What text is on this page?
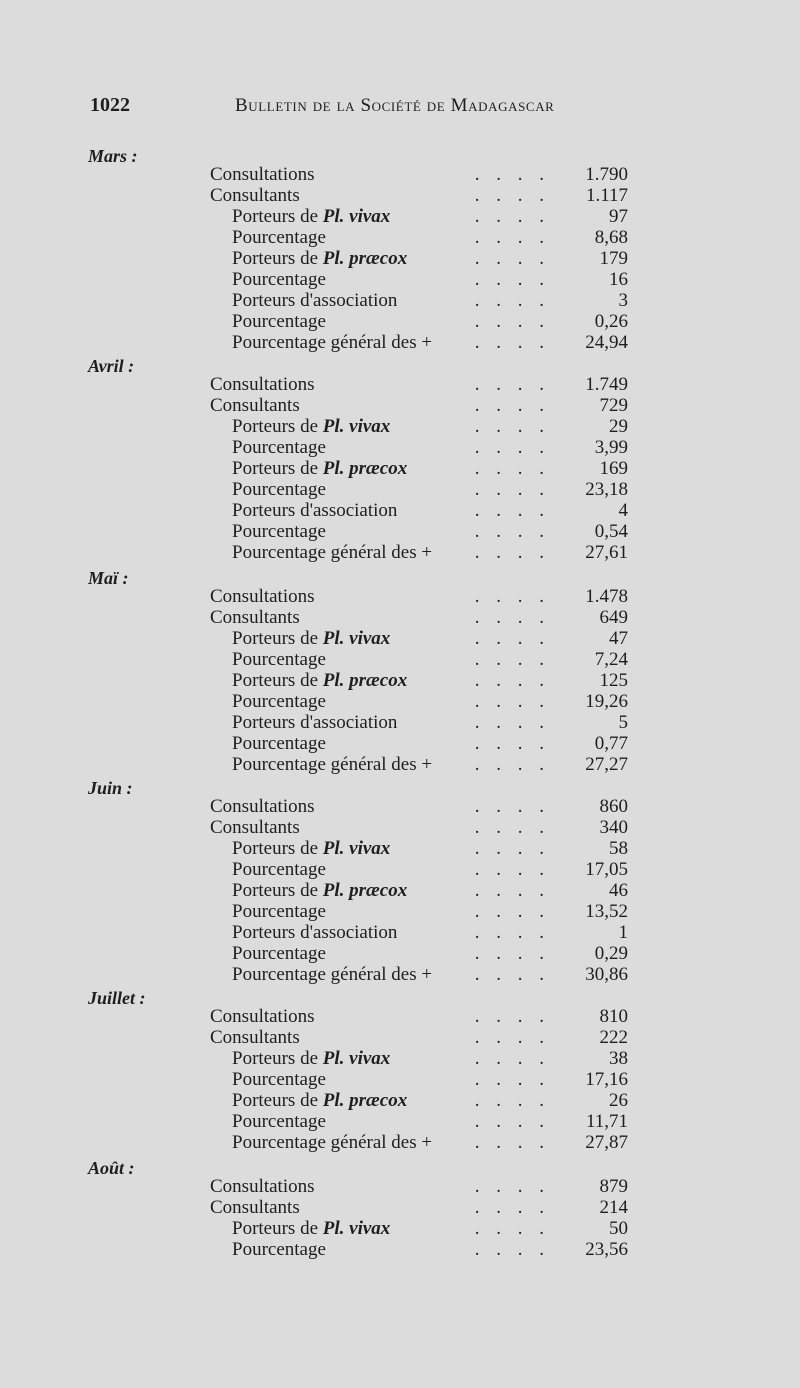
1022	Bulletin de la Société de Madagascar
Mars :
. . . .
Consultations	1.790
. . . .
Consultants	1.117
. . . .
Porteurs de Pl. vivax	97
. . . .
Pourcentage	8,68
. . . .
Porteurs de Pl. præcox	179
. . . .
Pourcentage	16
. . . .
Porteurs d'association	3
. . . .
Pourcentage	0,26
. . . .
Pourcentage général des +	24,94
Avril :
. . . .
Consultations	1.749
. . . .
Consultants	729
. . . .
Porteurs de Pl. vivax	29
. . . .
Pourcentage	3,99
. . . .
Porteurs de Pl. præcox	169
. . . .
Pourcentage	23,18
. . . .
Porteurs d'association	4
. . . .
Pourcentage	0,54
. . . .
Pourcentage général des +	27,61
Maï :
. . . .
Consultations	1.478
. . . .
Consultants	649
. . . .
Porteurs de Pl. vivax	47
. . . .
Pourcentage	7,24
. . . .
Porteurs de Pl. præcox	125
. . . .
Pourcentage	19,26
. . . .
Porteurs d'association	5
. . . .
Pourcentage	0,77
. . . .
Pourcentage général des +	27,27
Juin :
. . . .
Consultations	860
. . . .
Consultants	340
. . . .
Porteurs de Pl. vivax	58
. . . .
Pourcentage	17,05
. . . .
Porteurs de Pl. præcox	46
. . . .
Pourcentage	13,52
. . . .
Porteurs d'association	1
. . . .
Pourcentage	0,29
. . . .
Pourcentage général des +	30,86
Juillet :
. . . .
Consultations	810
. . . .
Consultants	222
. . . .
Porteurs de Pl. vivax	38
. . . .
Pourcentage	17,16
. . . .
Porteurs de Pl. præcox	26
. . . .
Pourcentage	11,71
. . . .
Pourcentage général des +	27,87
Août :
. . . .
Consultations	879
. . . .
Consultants	214
. . . .
Porteurs de Pl. vivax	50
. . . .
Pourcentage	23,56
